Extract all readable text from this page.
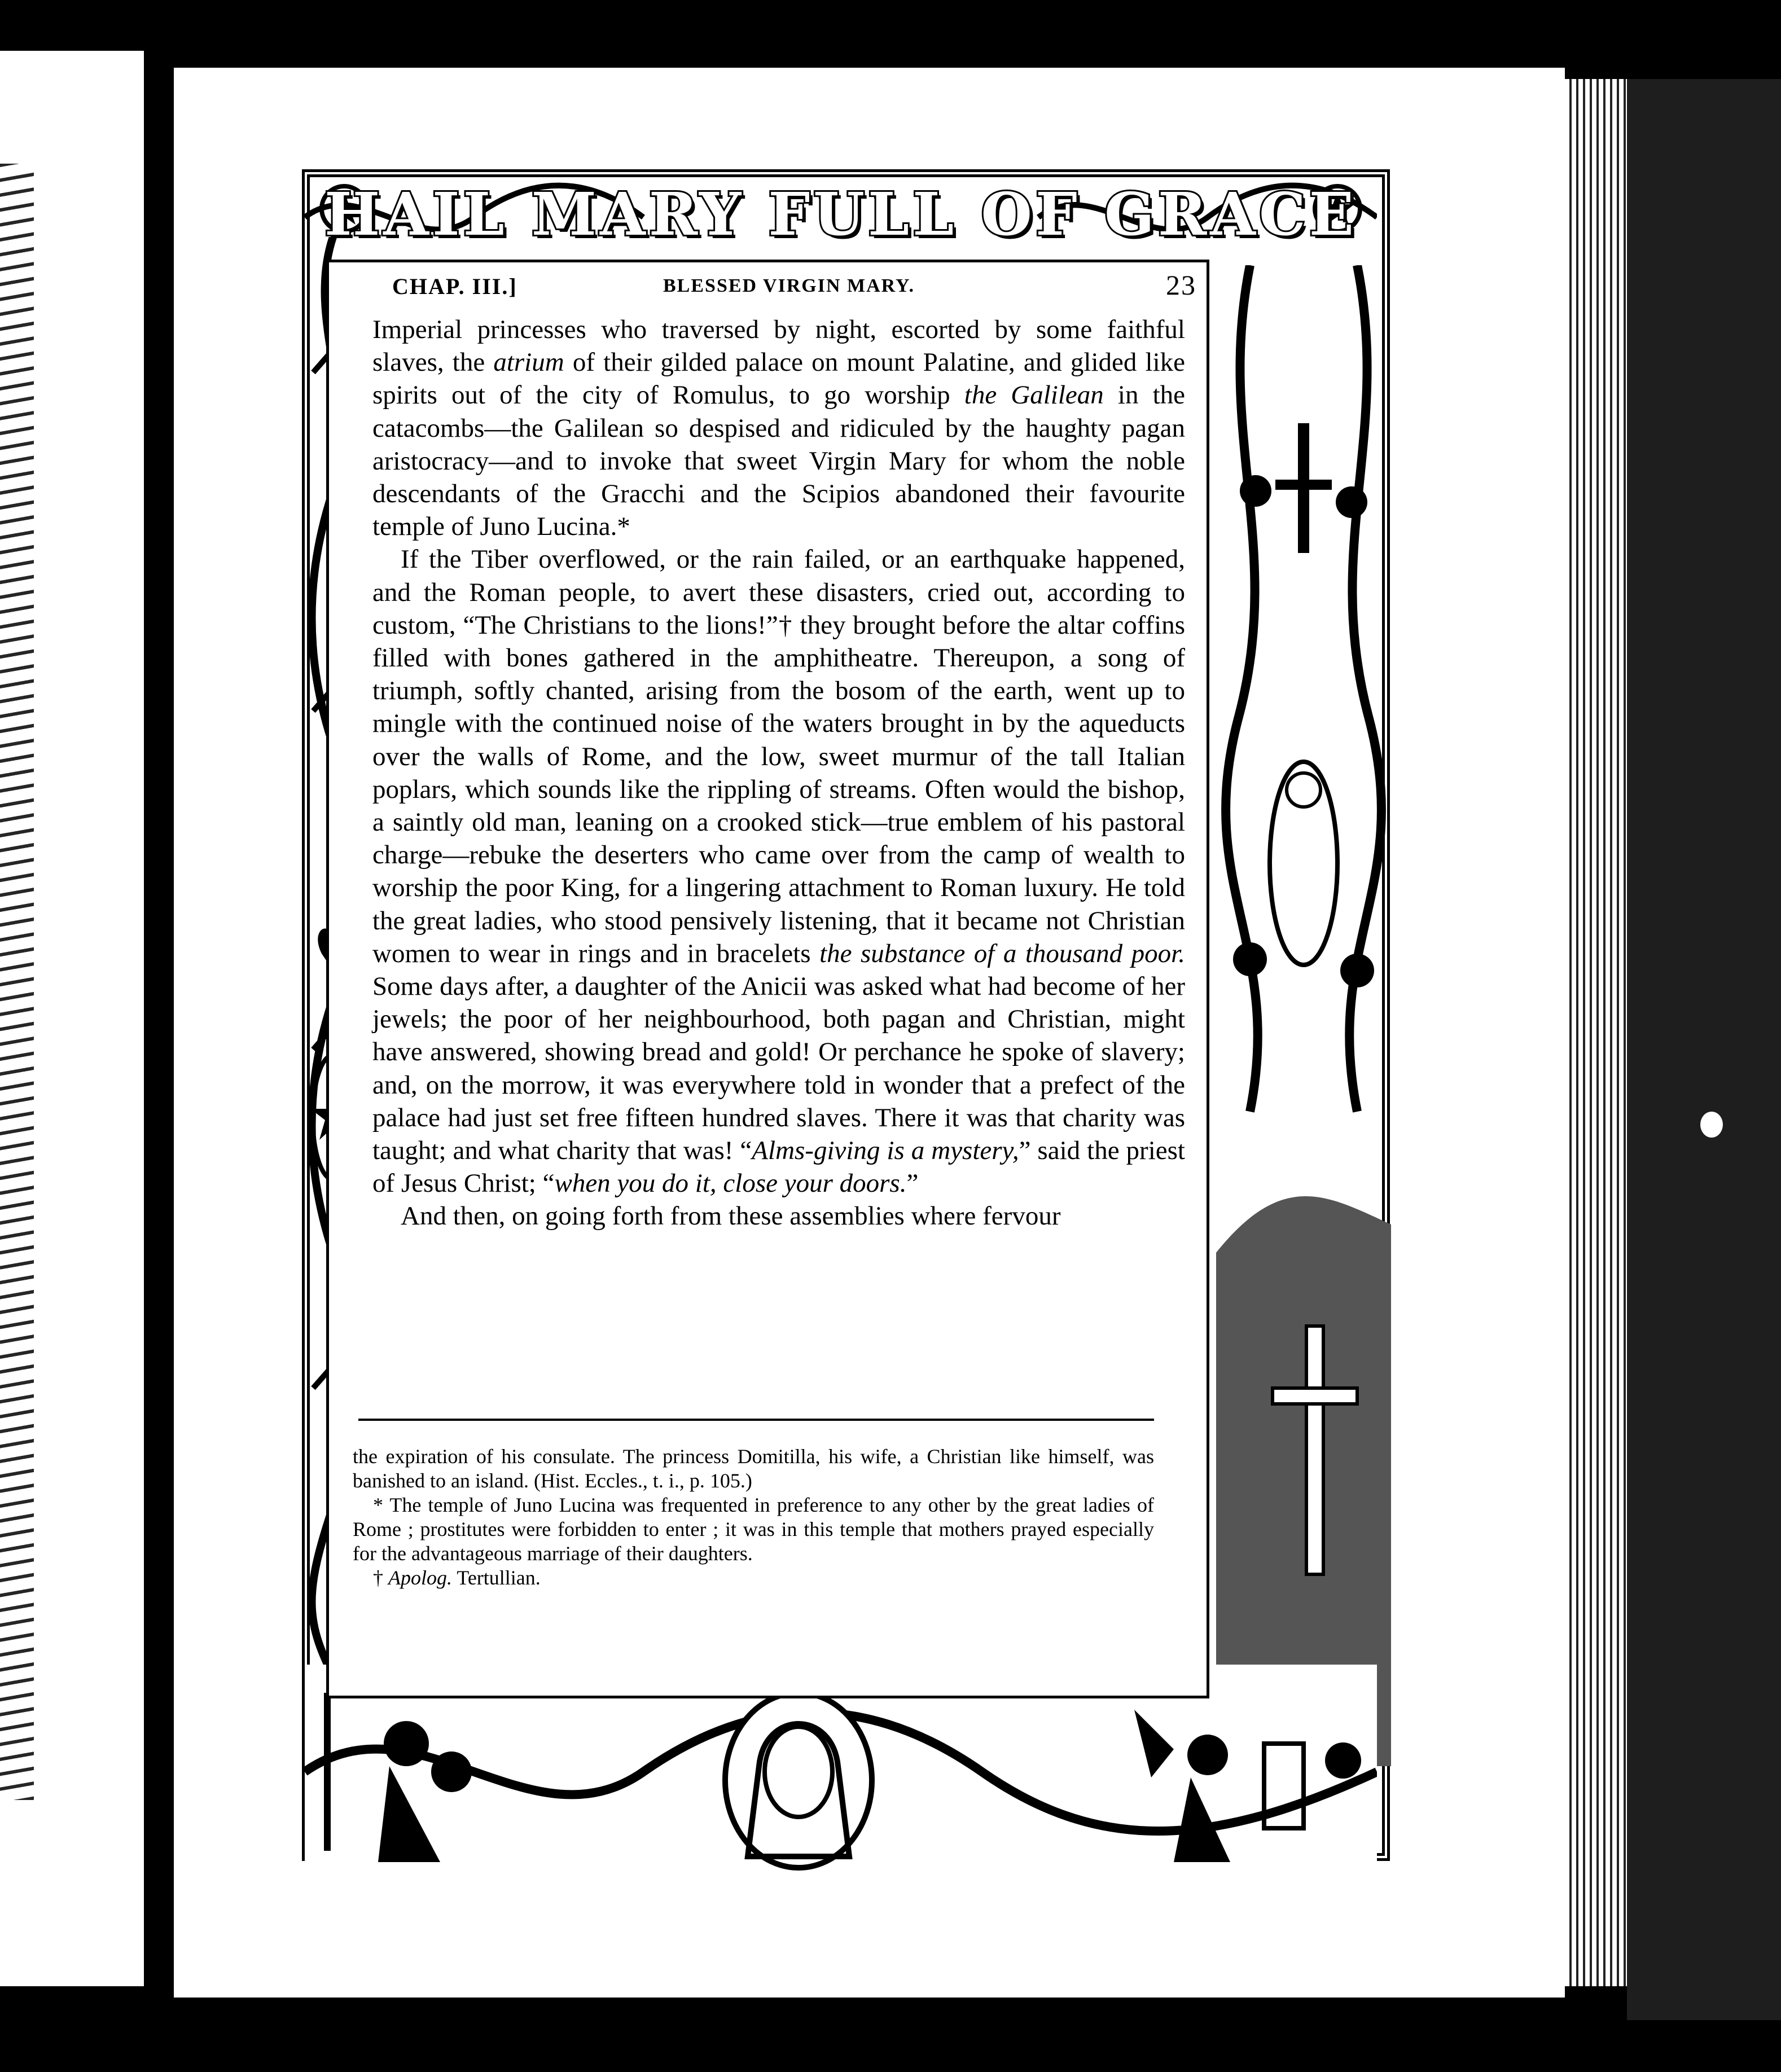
HAIL MARY FULL OF GRACE
CHAP. III.]	BLESSED VIRGIN MARY.	23

Imperial princesses who traversed by night, escorted by some faithful slaves, the atrium of their gilded palace on mount Palatine, and glided like spirits out of the city of Romulus, to go worship the Galilean in the catacombs—the Galilean so despised and ridiculed by the haughty pagan aristocracy—and to invoke that sweet Virgin Mary for whom the noble descendants of the Gracchi and the Scipios abandoned their favourite temple of Juno Lucina.*

If the Tiber overflowed, or the rain failed, or an earthquake happened, and the Roman people, to avert these disasters, cried out, according to custom, “The Christians to the lions!”† they brought before the altar coffins filled with bones gathered in the amphitheatre. Thereupon, a song of triumph, softly chanted, arising from the bosom of the earth, went up to mingle with the continued noise of the waters brought in by the aqueducts over the walls of Rome, and the low, sweet murmur of the tall Italian poplars, which sounds like the rippling of streams. Often would the bishop, a saintly old man, leaning on a crooked stick—true emblem of his pastoral charge—rebuke the deserters who came over from the camp of wealth to worship the poor King, for a lingering attachment to Roman luxury. He told the great ladies, who stood pensively listening, that it became not Christian women to wear in rings and in bracelets the substance of a thousand poor. Some days after, a daughter of the Anicii was asked what had become of her jewels; the poor of her neighbourhood, both pagan and Christian, might have answered, showing bread and gold! Or perchance he spoke of slavery; and, on the morrow, it was everywhere told in wonder that a prefect of the palace had just set free fifteen hundred slaves. There it was that charity was taught; and what charity that was! “Alms-giving is a mystery,” said the priest of Jesus Christ; “when you do it, close your doors.”

And then, on going forth from these assemblies where fervour

the expiration of his consulate. The princess Domitilla, his wife, a Christian like himself, was banished to an island. (Hist. Eccles., t. i., p. 105.)

* The temple of Juno Lucina was frequented in preference to any other by the great ladies of Rome ; prostitutes were forbidden to enter ; it was in this temple that mothers prayed especially for the advantageous marriage of their daughters.

† Apolog. Tertullian.
